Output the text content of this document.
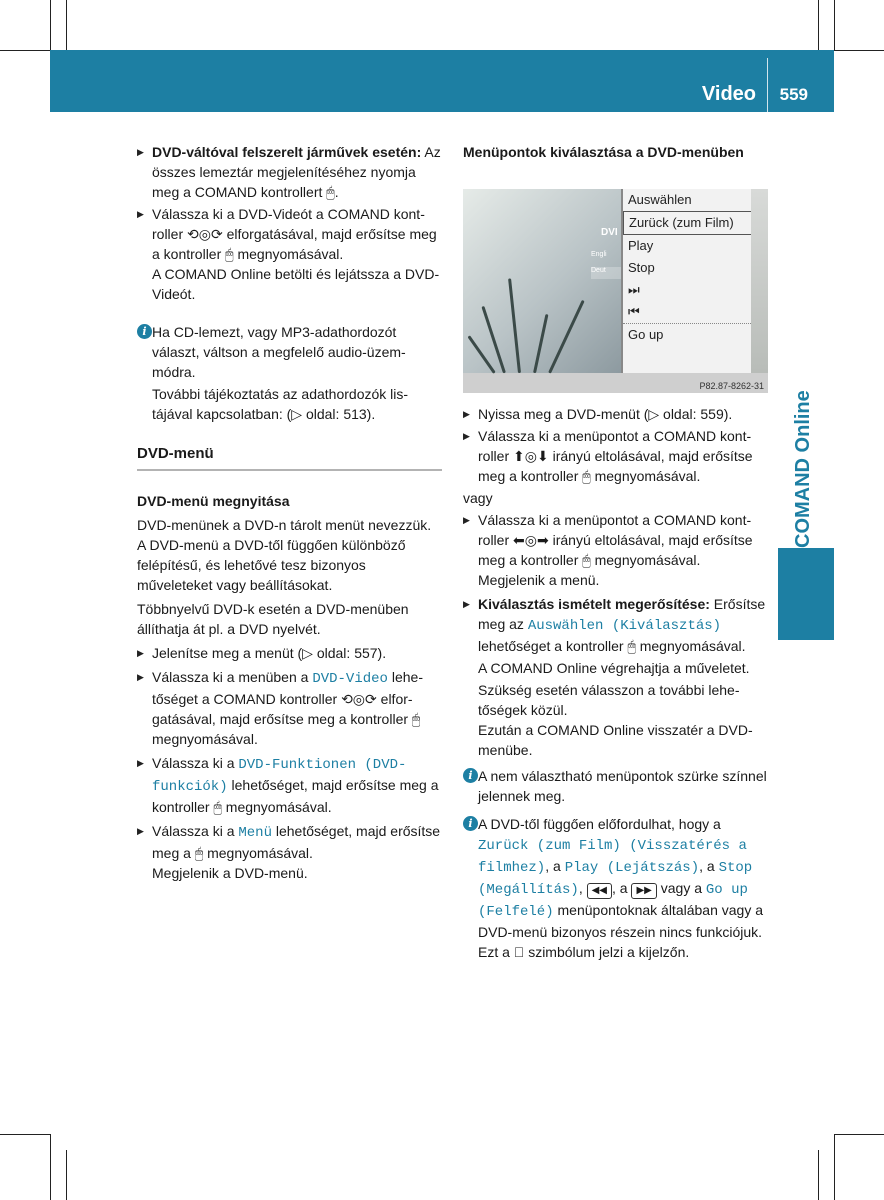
Video 559
COMAND Online

▶ DVD-váltóval felszerelt járművek esetén: Az összes lemeztár megjelenítéséhez nyomja meg a COMAND kontrollert 🖱.

▶ Válassza ki a DVD-Videót a COMAND kontroller ⟲◎⟳ elforgatásával, majd erősítse meg a kontroller 🖱 megnyomásával.
A COMAND Online betölti és lejátssza a DVD-Videót.

i Ha CD-lemezt, vagy MP3-adathordozót választ, váltson a megfelelő audio-üzemmódra.

További tájékoztatás az adathordozók listájával kapcsolatban: (▷ oldal: 513).

DVD-menü

DVD-menü megnyitása

DVD-menünek a DVD-n tárolt menüt nevezzük. A DVD-menü a DVD-től függően különböző felépítésű, és lehetővé tesz bizonyos műveleteket vagy beállításokat.

Többnyelvű DVD-k esetén a DVD-menüben állíthatja át pl. a DVD nyelvét.

▶ Jelenítse meg a menüt (▷ oldal: 557).

▶ Válassza ki a menüben a DVD-Video lehetőséget a COMAND kontroller ⟲◎⟳ elforgatásával, majd erősítse meg a kontroller 🖱 megnyomásával.

▶ Válassza ki a DVD-Funktionen (DVD-funkciók) lehetőséget, majd erősítse meg a kontroller 🖱 megnyomásával.

▶ Válassza ki a Menü lehetőséget, majd erősítse meg a 🖱 megnyomásával.
Megjelenik a DVD-menü.

Menüpontok kiválasztása a DVD-menüben

DVI
Engli
Deut
Auswählen
Zurück (zum Film)
Play
Stop
⏭
⏮
Go up
P82.87-8262-31

▶ Nyissa meg a DVD-menüt (▷ oldal: 559).

▶ Válassza ki a menüpontot a COMAND kontroller ⬆◎⬇ irányú eltolásával, majd erősítse meg a kontroller 🖱 megnyomásával.

vagy

▶ Válassza ki a menüpontot a COMAND kontroller ⬅◎➡ irányú eltolásával, majd erősítse meg a kontroller 🖱 megnyomásával.
Megjelenik a menü.

▶ Kiválasztás ismételt megerősítése: Erősítse meg az Auswählen (Kiválasztás) lehetőséget a kontroller 🖱 megnyomásával.

A COMAND Online végrehajtja a műveletet.

Szükség esetén válasszon a további lehetőségek közül.
Ezután a COMAND Online visszatér a DVD-menübe.

i A nem választható menüpontok szürke színnel jelennek meg.

i A DVD-től függően előfordulhat, hogy a Zurück (zum Film) (Visszatérés a filmhez), a Play (Lejátszás), a Stop (Megállítás), ◀◀ , a ▶▶ vagy a Go up (Felfelé) menüpontoknak általában vagy a DVD-menü bizonyos részein nincs funkciójuk. Ezt a szimbólum jelzi a kijelzőn.
